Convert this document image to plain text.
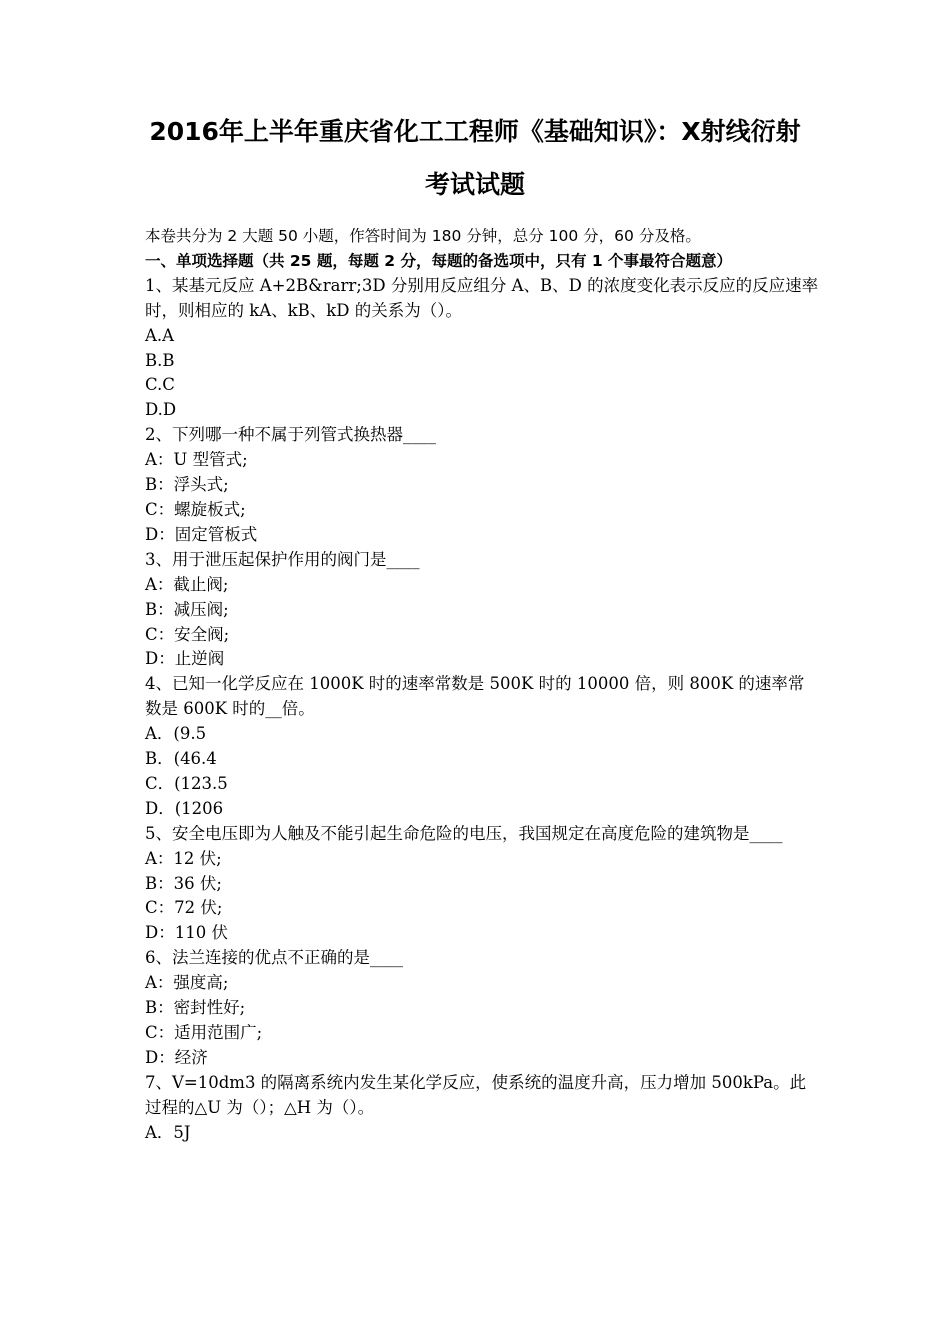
2016年上半年重庆省化工工程师《基础知识》：X射线衍射
考试试题
本卷共分为 2 大题 50 小题，作答时间为 180 分钟，总分 100 分，60 分及格。
一、单项选择题（共 25 题，每题 2 分，每题的备选项中，只有 1 个事最符合题意）
1、某基元反应 A+2B&rarr;3D 分别用反应组分 A、B、D 的浓度变化表示反应的反应速率时，则相应的 kA、kB、kD 的关系为（）。
A.A
B.B
C.C
D.D
2、下列哪一种不属于列管式换热器____
A：U 型管式;
B：浮头式;
C：螺旋板式;
D：固定管板式
3、用于泄压起保护作用的阀门是____
A：截止阀;
B：减压阀;
C：安全阀;
D：止逆阀
4、已知一化学反应在 1000K 时的速率常数是 500K 时的 10000 倍，则 800K 的速率常数是 600K 时的__倍。
A．(9.5
B．(46.4
C．(123.5
D．(1206
5、安全电压即为人触及不能引起生命危险的电压，我国规定在高度危险的建筑物是____
A：12 伏;
B：36 伏;
C：72 伏;
D：110 伏
6、法兰连接的优点不正确的是____
A：强度高;
B：密封性好;
C：适用范围广;
D：经济
7、V=10dm3 的隔离系统内发生某化学反应，使系统的温度升高，压力增加 500kPa。此过程的△U 为（）；△H 为（）。
A．5J
